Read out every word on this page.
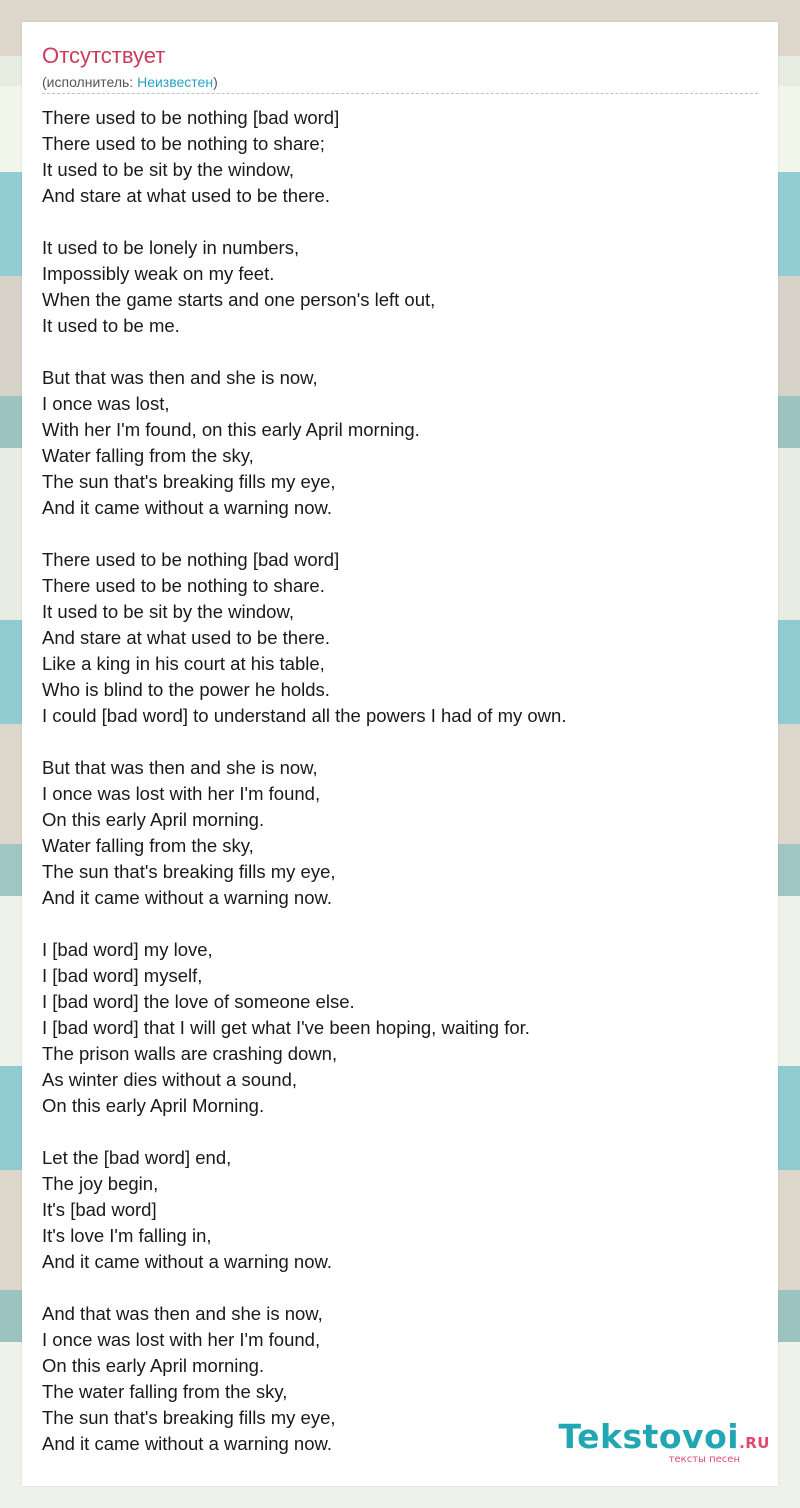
Отсутствует
(исполнитель: Неизвестен)
There used to be nothing [bad word]
There used to be nothing to share;
It used to be sit by the window,
And stare at what used to be there.

It used to be lonely in numbers,
Impossibly weak on my feet.
When the game starts and one person's left out,
It used to be me.

But that was then and she is now,
I once was lost,
With her I'm found, on this early April morning.
Water falling from the sky,
The sun that's breaking fills my eye,
And it came without a warning now.

There used to be nothing [bad word]
There used to be nothing to share.
It used to be sit by the window,
And stare at what used to be there.
Like a king in his court at his table,
Who is blind to the power he holds.
I could [bad word] to understand all the powers I had of my own.

But that was then and she is now,
I once was lost with her I'm found,
On this early April morning.
Water falling from the sky,
The sun that's breaking fills my eye,
And it came without a warning now.

I [bad word] my love,
I [bad word] myself,
I [bad word] the love of someone else.
I [bad word] that I will get what I've been hoping, waiting for.
The prison walls are crashing down,
As winter dies without a sound,
On this early April Morning.

Let the [bad word] end,
The joy begin,
It's [bad word]
It's love I'm falling in,
And it came without a warning now.

And that was then and she is now,
I once was lost with her I'm found,
On this early April morning.
The water falling from the sky,
The sun that's breaking fills my eye,
And it came without a warning now.	Tekstovoi.RU
тексты песен
